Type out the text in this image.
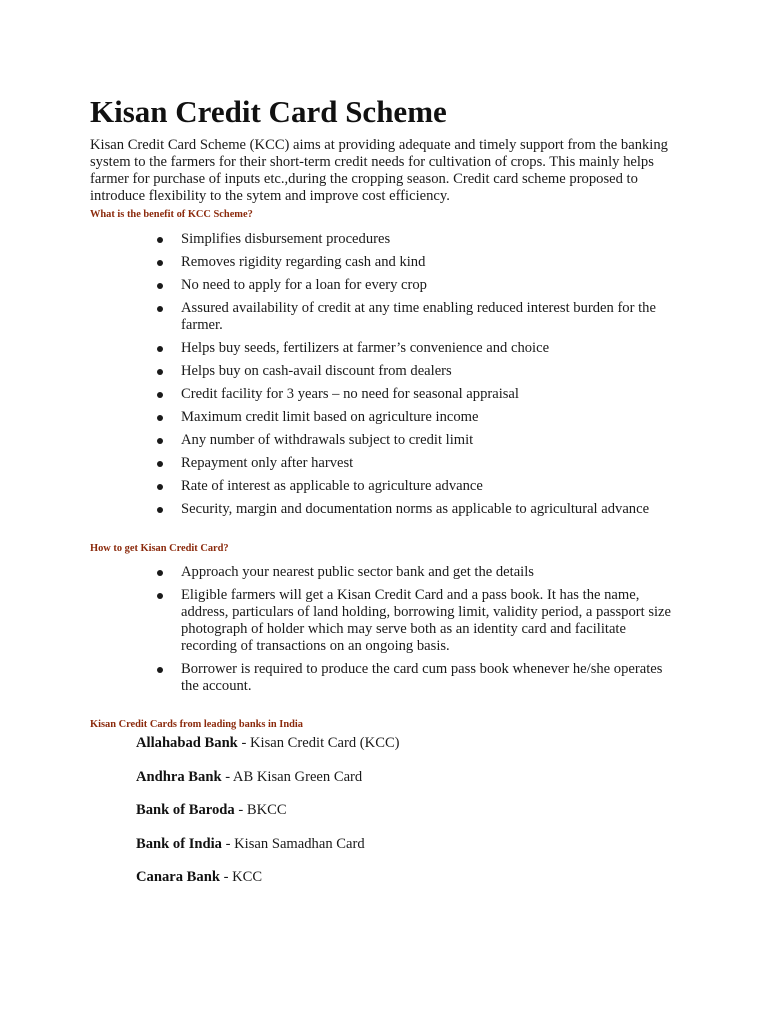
Kisan Credit Card Scheme

Kisan Credit Card Scheme (KCC) aims at providing adequate and timely support from the banking system to the farmers for their short-term credit needs for cultivation of crops. This mainly helps farmer for purchase of inputs etc.,during the cropping season. Credit card scheme proposed to introduce flexibility to the sytem and improve cost efficiency.

What is the benefit of KCC Scheme?
Simplifies disbursement procedures
Removes rigidity regarding cash and kind
No need to apply for a loan for every crop
Assured availability of credit at any time enabling reduced interest burden for the farmer.
Helps buy seeds, fertilizers at farmer’s convenience and choice
Helps buy on cash-avail discount from dealers
Credit facility for 3 years – no need for seasonal appraisal
Maximum credit limit based on agriculture income
Any number of withdrawals subject to credit limit
Repayment only after harvest
Rate of interest as applicable to agriculture advance
Security, margin and documentation norms as applicable to agricultural advance
How to get Kisan Credit Card?
Approach your nearest public sector bank and get the details
Eligible farmers will get a Kisan Credit Card and a pass book. It has the name, address, particulars of land holding, borrowing limit, validity period, a passport size photograph of holder which may serve both as an identity card and facilitate recording of transactions on an ongoing basis.
Borrower is required to produce the card cum pass book whenever he/she operates the account.
Kisan Credit Cards from leading banks in India
Allahabad Bank - Kisan Credit Card (KCC)
Andhra Bank - AB Kisan Green Card
Bank of Baroda - BKCC
Bank of India - Kisan Samadhan Card
Canara Bank - KCC
